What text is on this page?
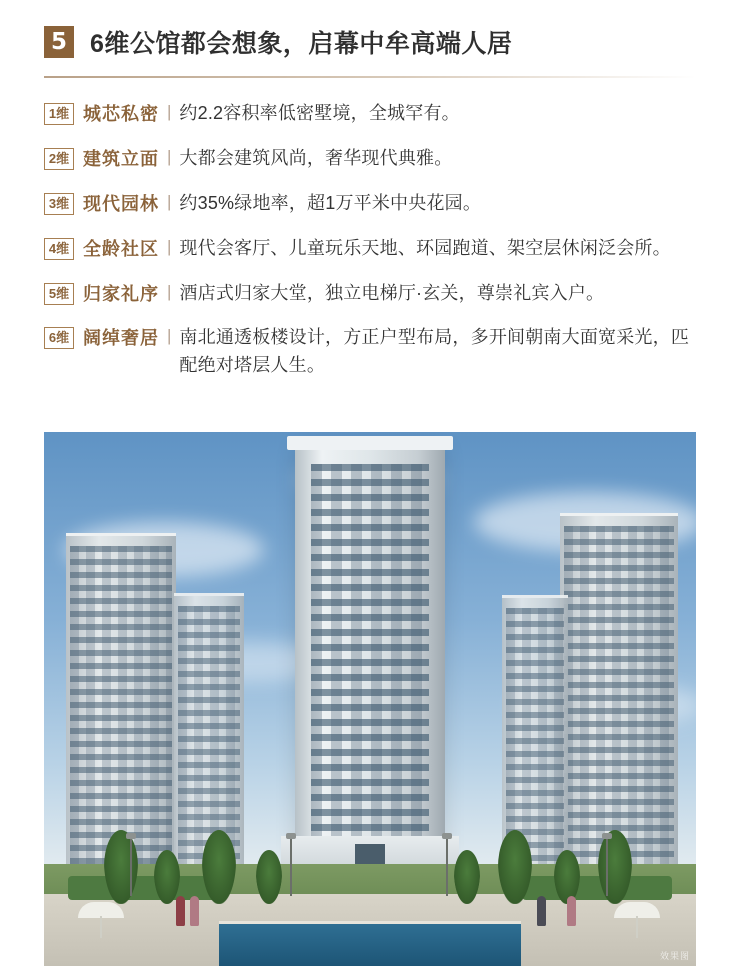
5 6维公馆都会想象，启幕中牟高端人居
1维 城芯私密 | 约2.2容积率低密墅境，全城罕有。
2维 建筑立面 | 大都会建筑风尚，奢华现代典雅。
3维 现代园林 | 约35%绿地率，超1万平米中央花园。
4维 全龄社区 | 现代会客厅、儿童玩乐天地、环园跑道、架空层休闲泛会所。
5维 归家礼序 | 酒店式归家大堂，独立电梯厅·玄关，尊崇礼宾入户。
6维 阔绰奢居 | 南北通透板楼设计，方正户型布局，多开间朝南大面宽采光，匹配绝对塔层人生。
效果图
